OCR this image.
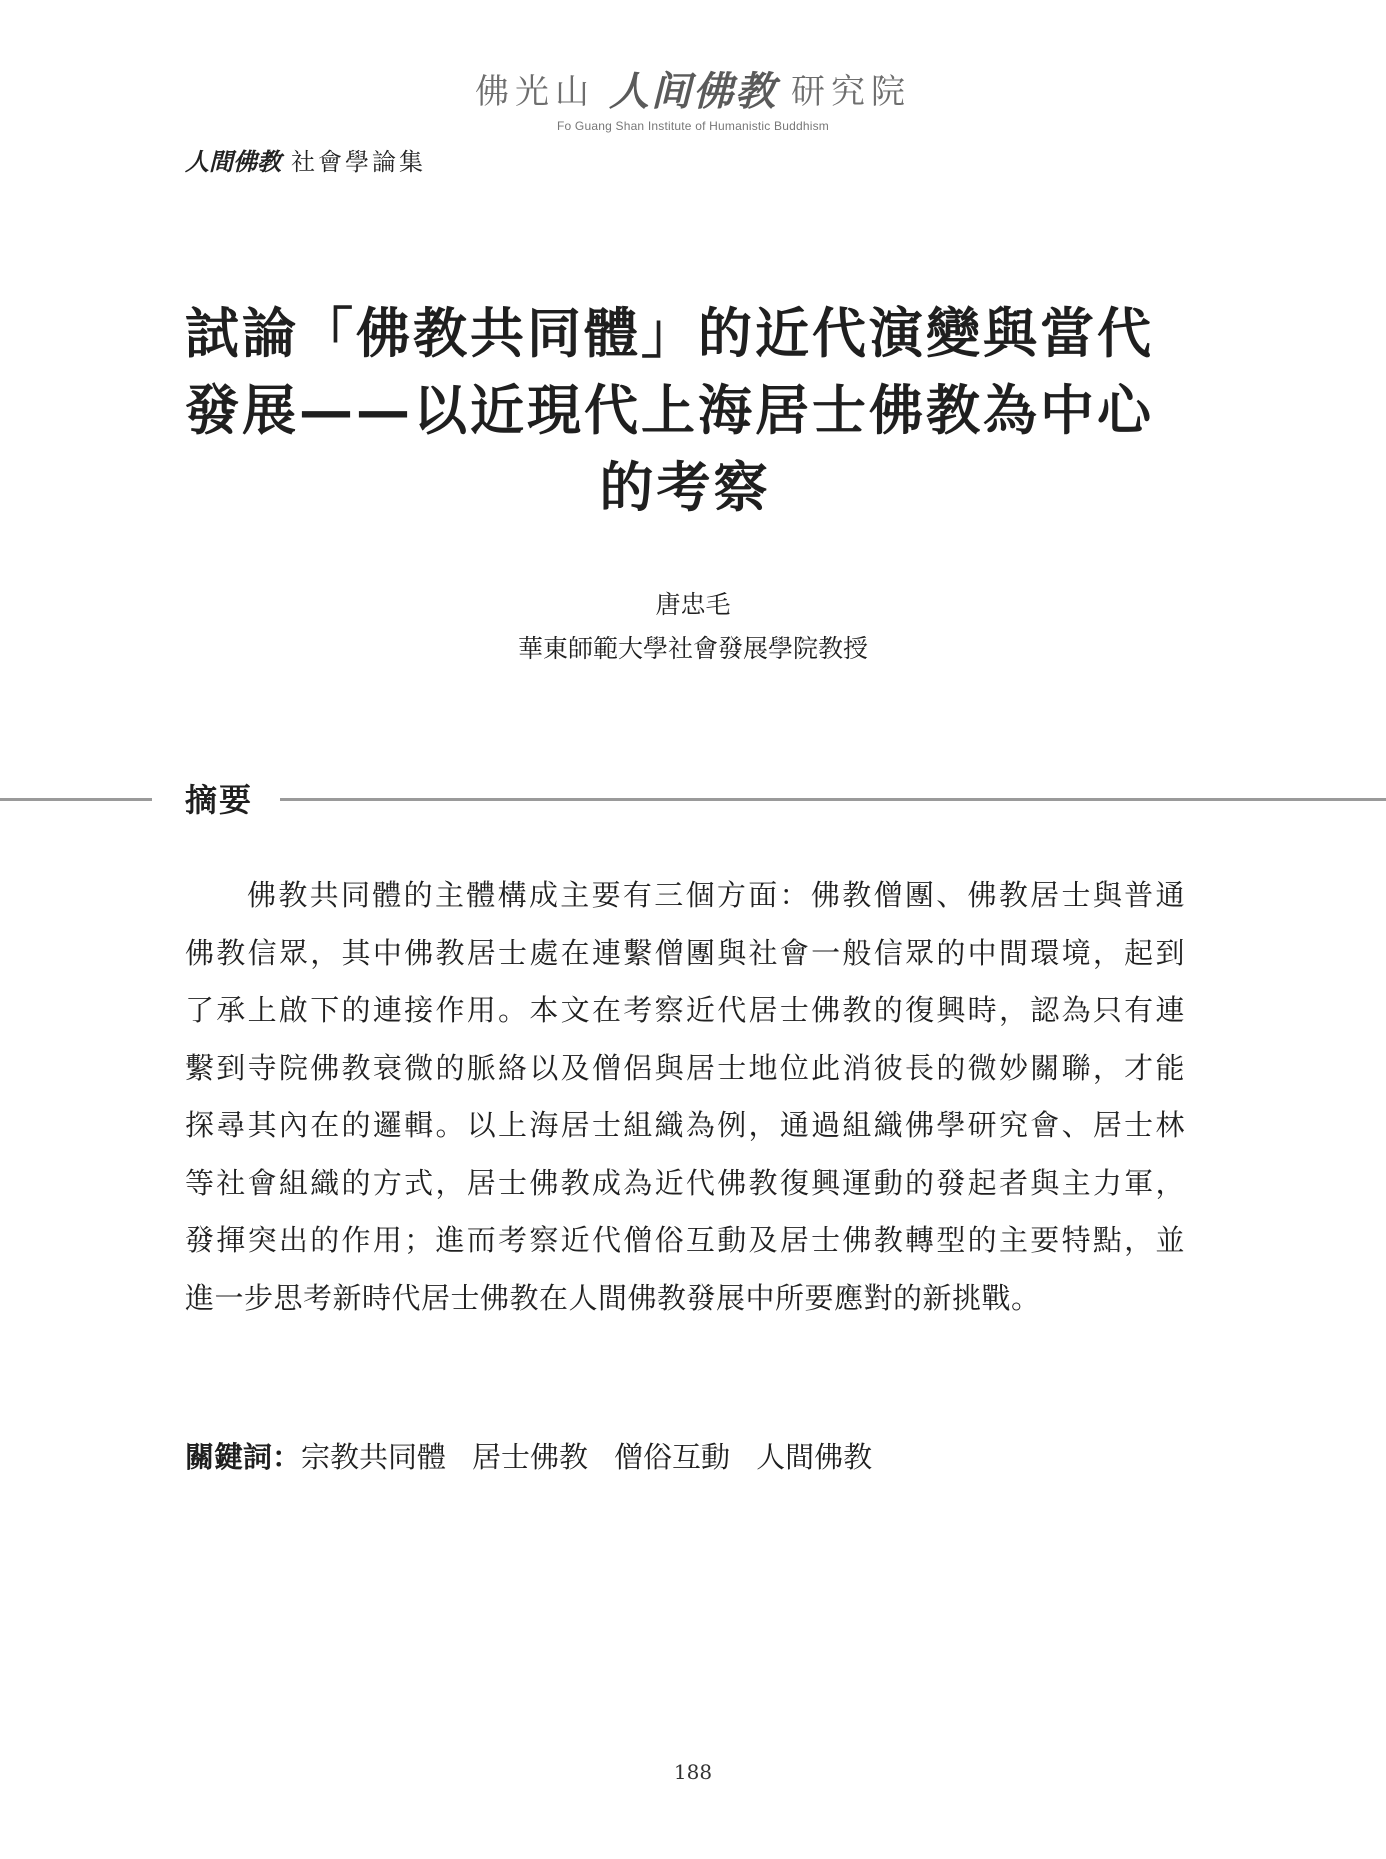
佛光山 人间佛教 研究院
Fo Guang Shan Institute of Humanistic Buddhism
人間佛教 社會學論集
試論「佛教共同體」的近代演變與當代
發展——以近現代上海居士佛教為中心
的考察
唐忠毛
華東師範大學社會發展學院教授
摘要
佛教共同體的主體構成主要有三個方面：佛教僧團、佛教居士與普通
佛教信眾，其中佛教居士處在連繫僧團與社會一般信眾的中間環境，起到
了承上啟下的連接作用。本文在考察近代居士佛教的復興時，認為只有連
繫到寺院佛教衰微的脈絡以及僧侶與居士地位此消彼長的微妙關聯，才能
探尋其內在的邏輯。以上海居士組織為例，通過組織佛學研究會、居士林
等社會組織的方式，居士佛教成為近代佛教復興運動的發起者與主力軍，
發揮突出的作用；進而考察近代僧俗互動及居士佛教轉型的主要特點，並
進一步思考新時代居士佛教在人間佛教發展中所要應對的新挑戰。
關鍵詞：宗教共同體 居士佛教 僧俗互動 人間佛教
188
